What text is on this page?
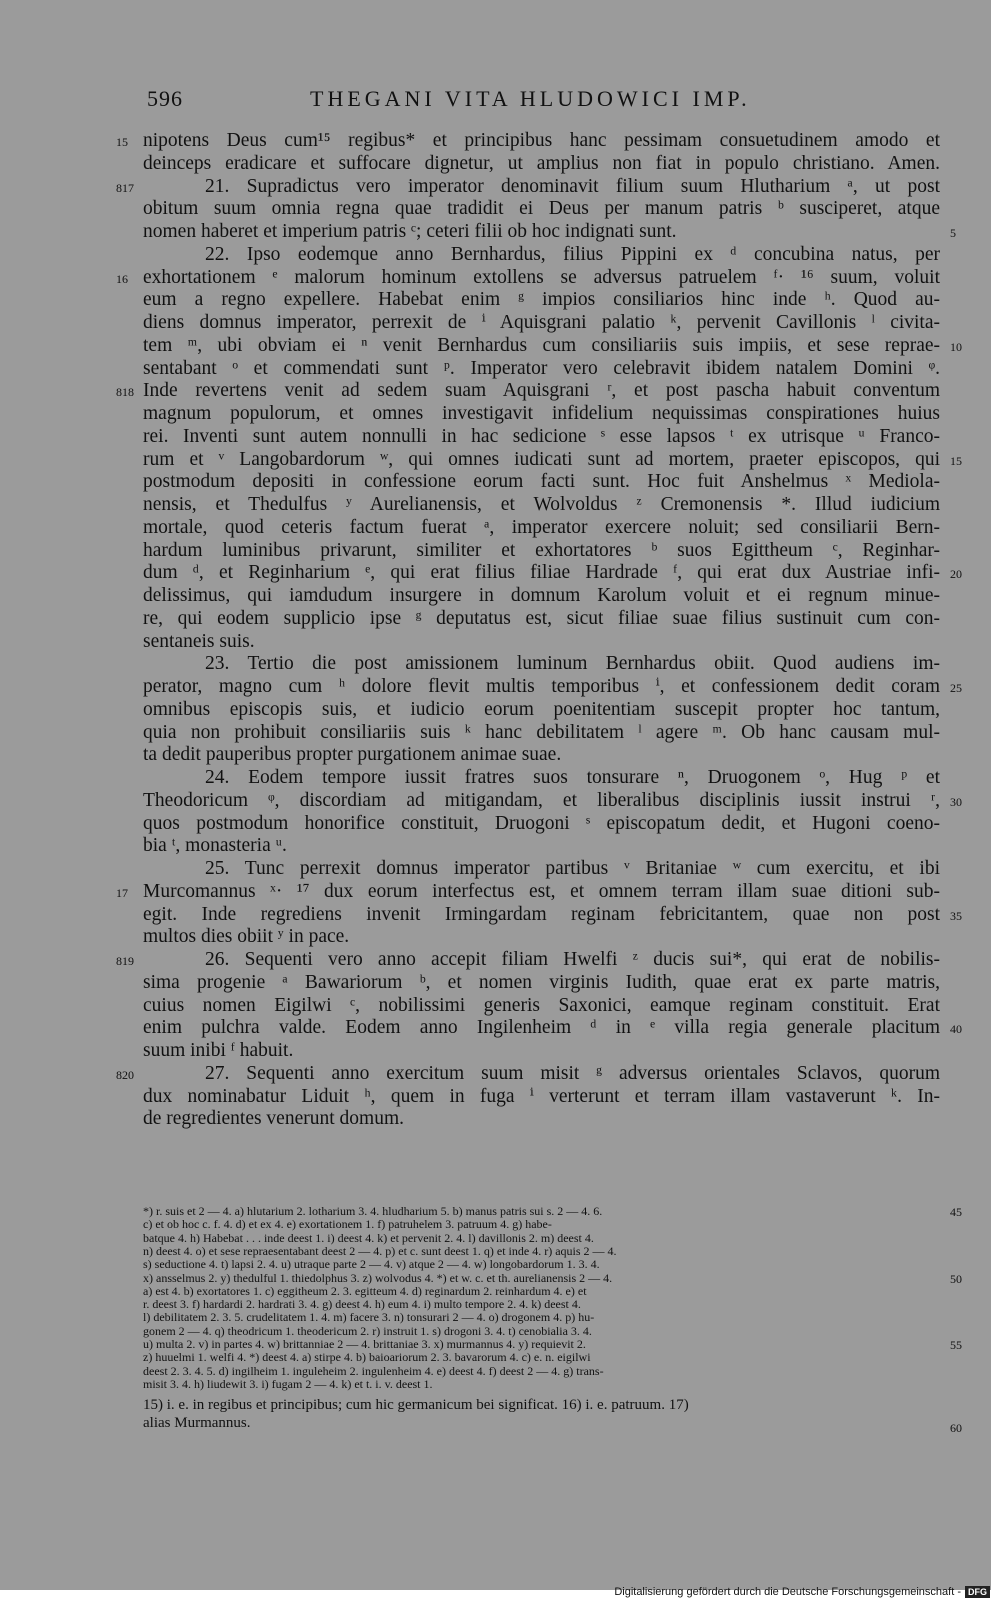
596	THEGANI VITA HLUDOWICI IMP.
nipotens Deus cum¹⁵ regibus* et principibus hanc pessimam consuetudinem amodo et
deinceps eradicare et suffocare dignetur, ut amplius non fiat in populo christiano. Amen.
21. Supradictus vero imperator denominavit filium suum Hlutharium ᵃ, ut post
obitum suum omnia regna quae tradidit ei Deus per manum patris ᵇ susciperet, atque
nomen haberet et imperium patris ᶜ; ceteri filii ob hoc indignati sunt.
22. Ipso eodemque anno Bernhardus, filius Pippini ex ᵈ concubina natus, per
exhortationem ᵉ malorum hominum extollens se adversus patruelem ᶠ· ¹⁶ suum, voluit
eum a regno expellere. Habebat enim ᵍ impios consiliarios hinc inde ʰ. Quod au-
diens domnus imperator, perrexit de ⁱ Aquisgrani palatio ᵏ, pervenit Cavillonis ˡ civita-
tem ᵐ, ubi obviam ei ⁿ venit Bernhardus cum consiliariis suis impiis, et sese reprae-
sentabant ᵒ et commendati sunt ᵖ. Imperator vero celebravit ibidem natalem Domini ᵠ.
Inde revertens venit ad sedem suam Aquisgrani ʳ, et post pascha habuit conventum
magnum populorum, et omnes investigavit infidelium nequissimas conspirationes huius
rei. Inventi sunt autem nonnulli in hac sedicione ˢ esse lapsos ᵗ ex utrisque ᵘ Franco-
rum et ᵛ Langobardorum ʷ, qui omnes iudicati sunt ad mortem, praeter episcopos, qui
postmodum depositi in confessione eorum facti sunt. Hoc fuit Anshelmus ˣ Mediola-
nensis, et Thedulfus ʸ Aurelianensis, et Wolvoldus ᶻ Cremonensis *. Illud iudicium
mortale, quod ceteris factum fuerat ᵃ, imperator exercere noluit; sed consiliarii Bern-
hardum luminibus privarunt, similiter et exhortatores ᵇ suos Egittheum ᶜ, Reginhar-
dum ᵈ, et Reginharium ᵉ, qui erat filius filiae Hardrade ᶠ, qui erat dux Austriae infi-
delissimus, qui iamdudum insurgere in domnum Karolum voluit et ei regnum minue-
re, qui eodem supplicio ipse ᵍ deputatus est, sicut filiae suae filius sustinuit cum con-
sentaneis suis.
23. Tertio die post amissionem luminum Bernhardus obiit. Quod audiens im-
perator, magno cum ʰ dolore flevit multis temporibus ⁱ, et confessionem dedit coram
omnibus episcopis suis, et iudicio eorum poenitentiam suscepit propter hoc tantum,
quia non prohibuit consiliariis suis ᵏ hanc debilitatem ˡ agere ᵐ. Ob hanc causam mul-
ta dedit pauperibus propter purgationem animae suae.
24. Eodem tempore iussit fratres suos tonsurare ⁿ, Druogonem ᵒ, Hug ᵖ et
Theodoricum ᵠ, discordiam ad mitigandam, et liberalibus disciplinis iussit instrui ʳ,
quos postmodum honorifice constituit, Druogoni ˢ episcopatum dedit, et Hugoni coeno-
bia ᵗ, monasteria ᵘ.
25. Tunc perrexit domnus imperator partibus ᵛ Britaniae ʷ cum exercitu, et ibi
Murcomannus ˣ· ¹⁷ dux eorum interfectus est, et omnem terram illam suae ditioni sub-
egit. Inde regrediens invenit Irmingardam reginam febricitantem, quae non post
multos dies obiit ʸ in pace.
26. Sequenti vero anno accepit filiam Hwelfi ᶻ ducis sui*, qui erat de nobilis-
sima progenie ᵃ Bawariorum ᵇ, et nomen virginis Iudith, quae erat ex parte matris,
cuius nomen Eigilwi ᶜ, nobilissimi generis Saxonici, eamque reginam constituit. Erat
enim pulchra valde. Eodem anno Ingilenheim ᵈ in ᵉ villa regia generale placitum
suum inibi ᶠ habuit.
27. Sequenti anno exercitum suum misit ᵍ adversus orientales Sclavos, quorum
dux nominabatur Liduit ʰ, quem in fuga ⁱ verterunt et terram illam vastaverunt ᵏ. In-
de regredientes venerunt domum.
15
817
5
16
10
818
15
20
25
30
17
35
819
40
820
*) r. suis et 2 — 4. a) hlutarium 2. lotharium 3. 4. hludharium 5. b) manus patris sui s. 2 — 4. 6.
c) et ob hoc c. f. 4. d) et ex 4. e) exortationem 1. f) patruhelem 3. patruum 4. g) habe-
batque 4. h) Habebat . . . inde deest 1. i) deest 4. k) et pervenit 2. 4. l) davillonis 2. m) deest 4.
n) deest 4. o) et sese repraesentabant deest 2 — 4. p) et c. sunt deest 1. q) et inde 4. r) aquis 2 — 4.
s) seductione 4. t) lapsi 2. 4. u) utraque parte 2 — 4. v) atque 2 — 4. w) longobardorum 1. 3. 4.
x) ansselmus 2. y) thedulful 1. thiedolphus 3. z) wolvodus 4. *) et w. c. et th. aurelianensis 2 — 4.
a) est 4. b) exortatores 1. c) eggitheum 2. 3. egitteum 4. d) reginardum 2. reinhardum 4. e) et
r. deest 3. f) hardardi 2. hardrati 3. 4. g) deest 4. h) eum 4. i) multo tempore 2. 4. k) deest 4.
l) debilitatem 2. 3. 5. crudelitatem 1. 4. m) facere 3. n) tonsurari 2 — 4. o) drogonem 4. p) hu-
gonem 2 — 4. q) theodricum 1. theodericum 2. r) instruit 1. s) drogoni 3. 4. t) cenobialia 3. 4.
u) multa 2. v) in partes 4. w) brittanniae 2 — 4. brittaniae 3. x) murmannus 4. y) requievit 2.
z) huuelmi 1. welfi 4. *) deest 4. a) stirpe 4. b) baioariorum 2. 3. bavarorum 4. c) e. n. eigilwi
deest 2. 3. 4. 5. d) ingilheim 1. inguleheim 2. ingulenheim 4. e) deest 4. f) deest 2 — 4. g) trans-
misit 3. 4. h) liudewit 3. i) fugam 2 — 4. k) et t. i. v. deest 1.
45
50
55
15) i. e. in regibus et principibus; cum hic germanicum bei significat. 16) i. e. patruum. 17)
alias Murmannus.	60
Digitalisierung gefördert durch die Deutsche Forschungsgemeinschaft - DFG
